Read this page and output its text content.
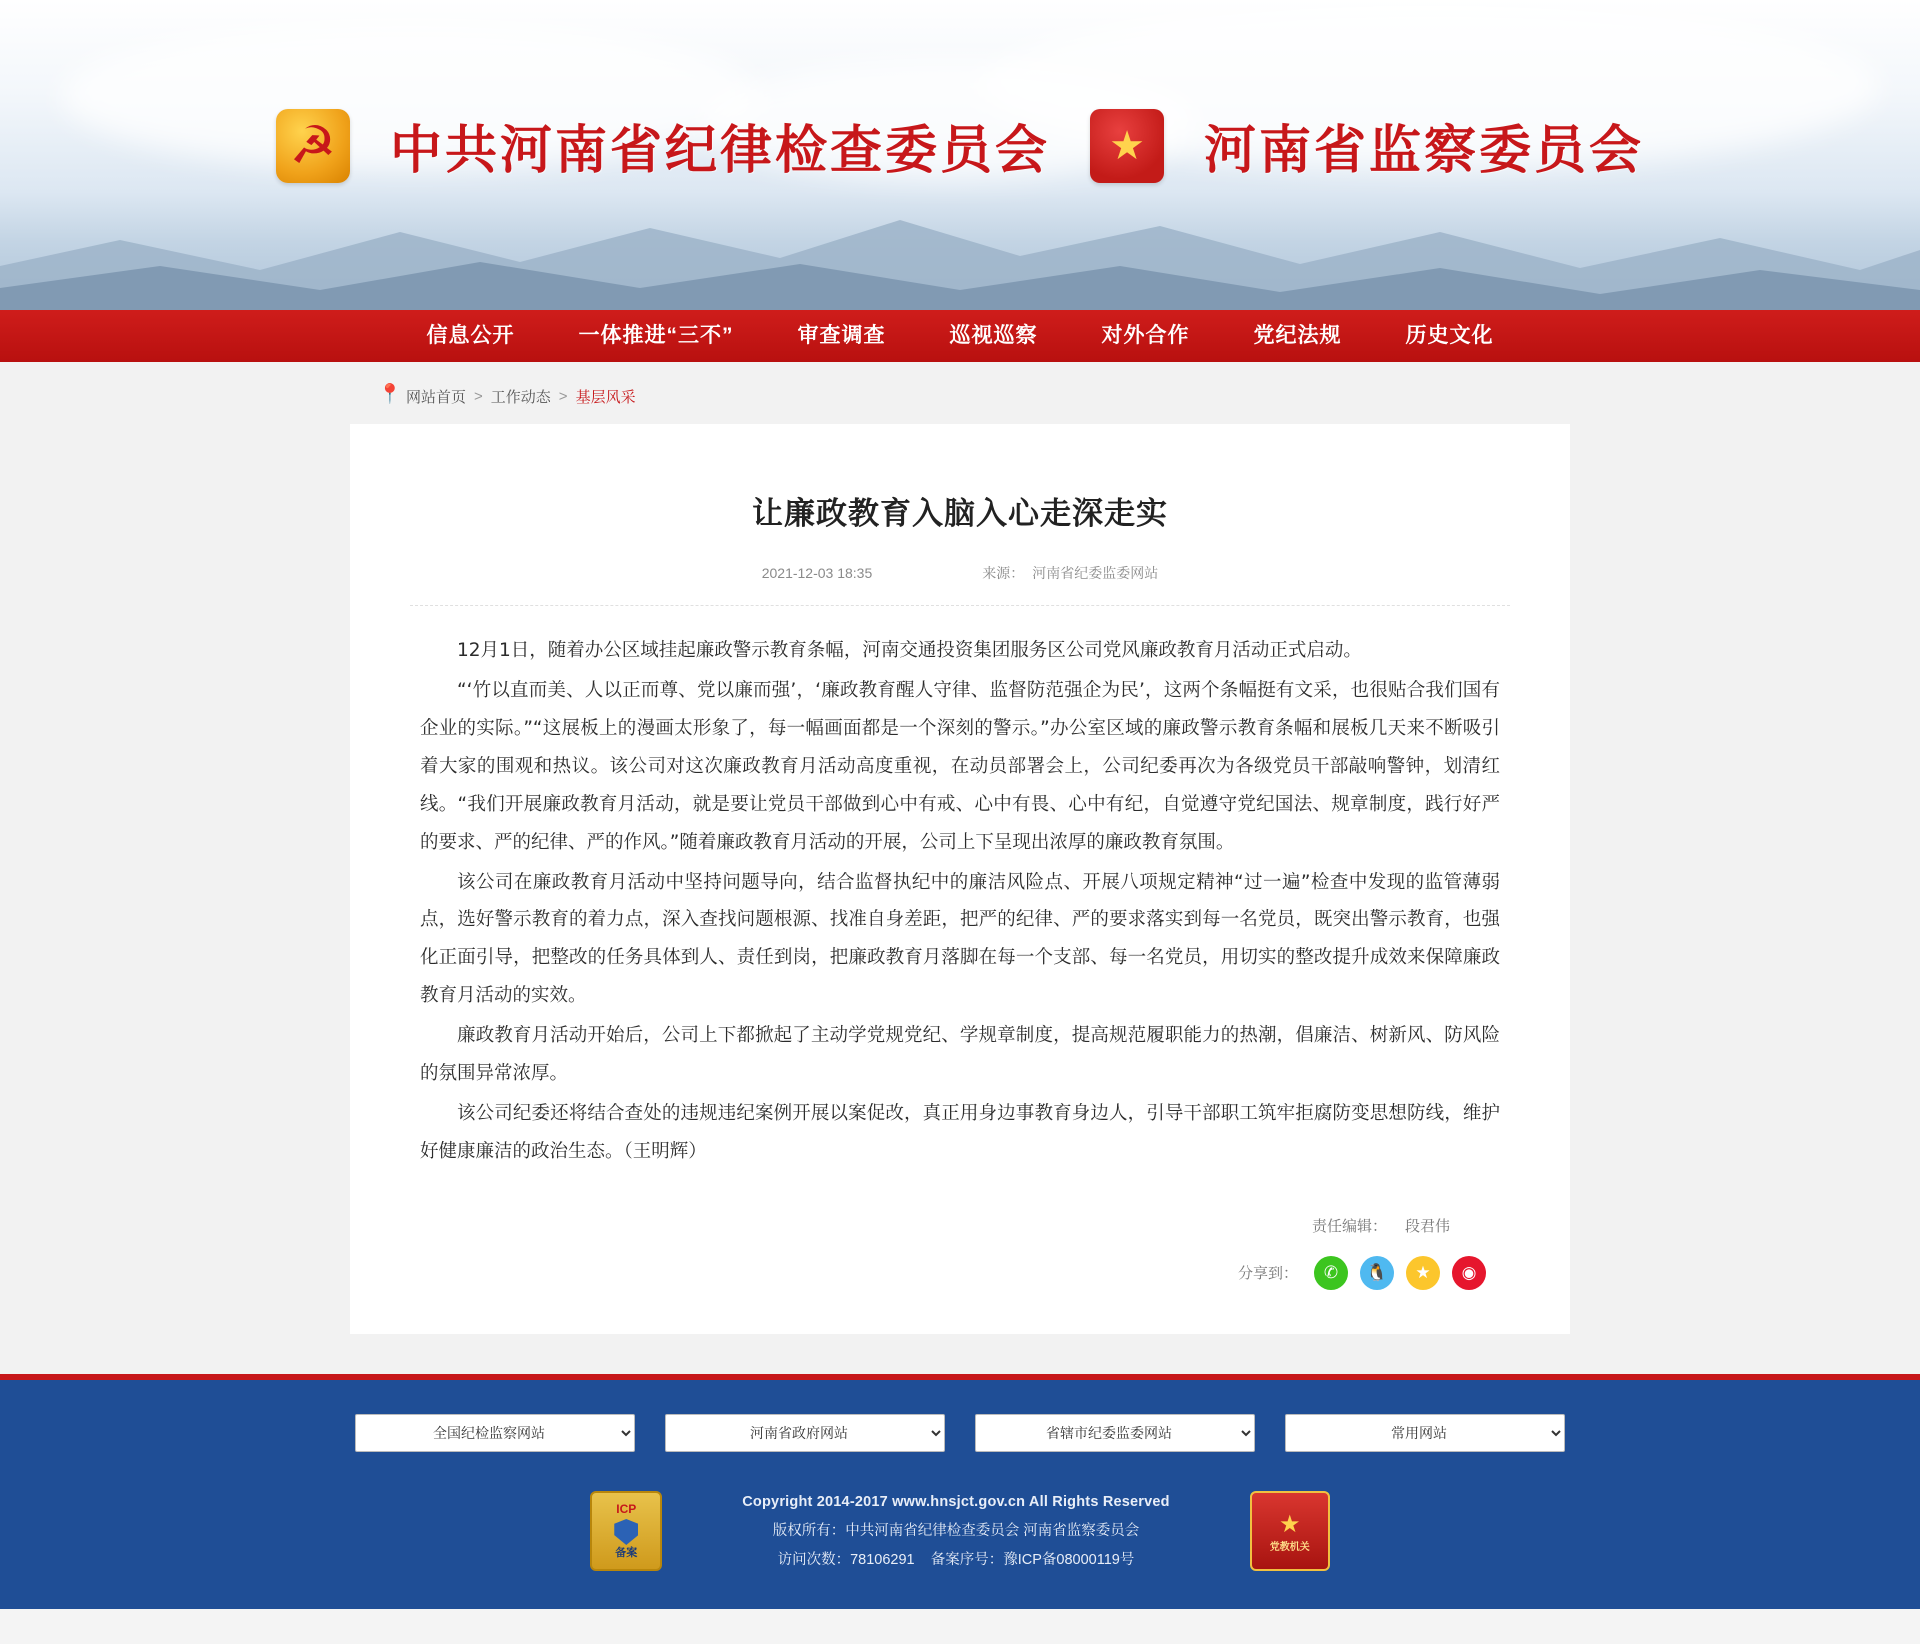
☭
中共河南省纪律检查委员会 ★	河南省监察委员会
信息公开	一体推进“三不”	审查调查	巡视巡察	对外合作	党纪法规	历史文化
📍
网站首页 > 工作动态 > 基层风采
让廉政教育入脑入心走深走实
2021-12-03 18:35	来源： 河南省纪委监委网站

12月1日，随着办公区域挂起廉政警示教育条幅，河南交通投资集团服务区公司党风廉政教育月活动正式启动。

“‘竹以直而美、人以正而尊、党以廉而强’，‘廉政教育醒人守律、监督防范强企为民’，这两个条幅挺有文采，也很贴合我们国有企业的实际。”“这展板上的漫画太形象了，每一幅画面都是一个深刻的警示。”办公室区域的廉政警示教育条幅和展板几天来不断吸引着大家的围观和热议。该公司对这次廉政教育月活动高度重视，在动员部署会上，公司纪委再次为各级党员干部敲响警钟，划清红线。“我们开展廉政教育月活动，就是要让党员干部做到心中有戒、心中有畏、心中有纪，自觉遵守党纪国法、规章制度，践行好严的要求、严的纪律、严的作风。”随着廉政教育月活动的开展，公司上下呈现出浓厚的廉政教育氛围。

该公司在廉政教育月活动中坚持问题导向，结合监督执纪中的廉洁风险点、开展八项规定精神“过一遍”检查中发现的监管薄弱点，选好警示教育的着力点，深入查找问题根源、找准自身差距，把严的纪律、严的要求落实到每一名党员，既突出警示教育，也强化正面引导，把整改的任务具体到人、责任到岗，把廉政教育月落脚在每一个支部、每一名党员，用切实的整改提升成效来保障廉政教育月活动的实效。

廉政教育月活动开始后，公司上下都掀起了主动学党规党纪、学规章制度，提高规范履职能力的热潮，倡廉洁、树新风、防风险的氛围异常浓厚。

该公司纪委还将结合查处的违规违纪案例开展以案促改，真正用身边事教育身边人，引导干部职工筑牢拒腐防变思想防线，维护好健康廉洁的政治生态。（王明辉）

责任编辑： 段君伟
分享到：	✆	🐧	★	◉
全国纪检监察网站
河南省政府网站
省辖市纪委监委网站
常用网站
ICP
备案
Copyright 2014-2017 www.hnsjct.gov.cn All Rights Reserved
版权所有：中共河南省纪律检查委员会 河南省监察委员会
访问次数：78106291 备案序号：豫ICP备08000119号
★
党教机关
